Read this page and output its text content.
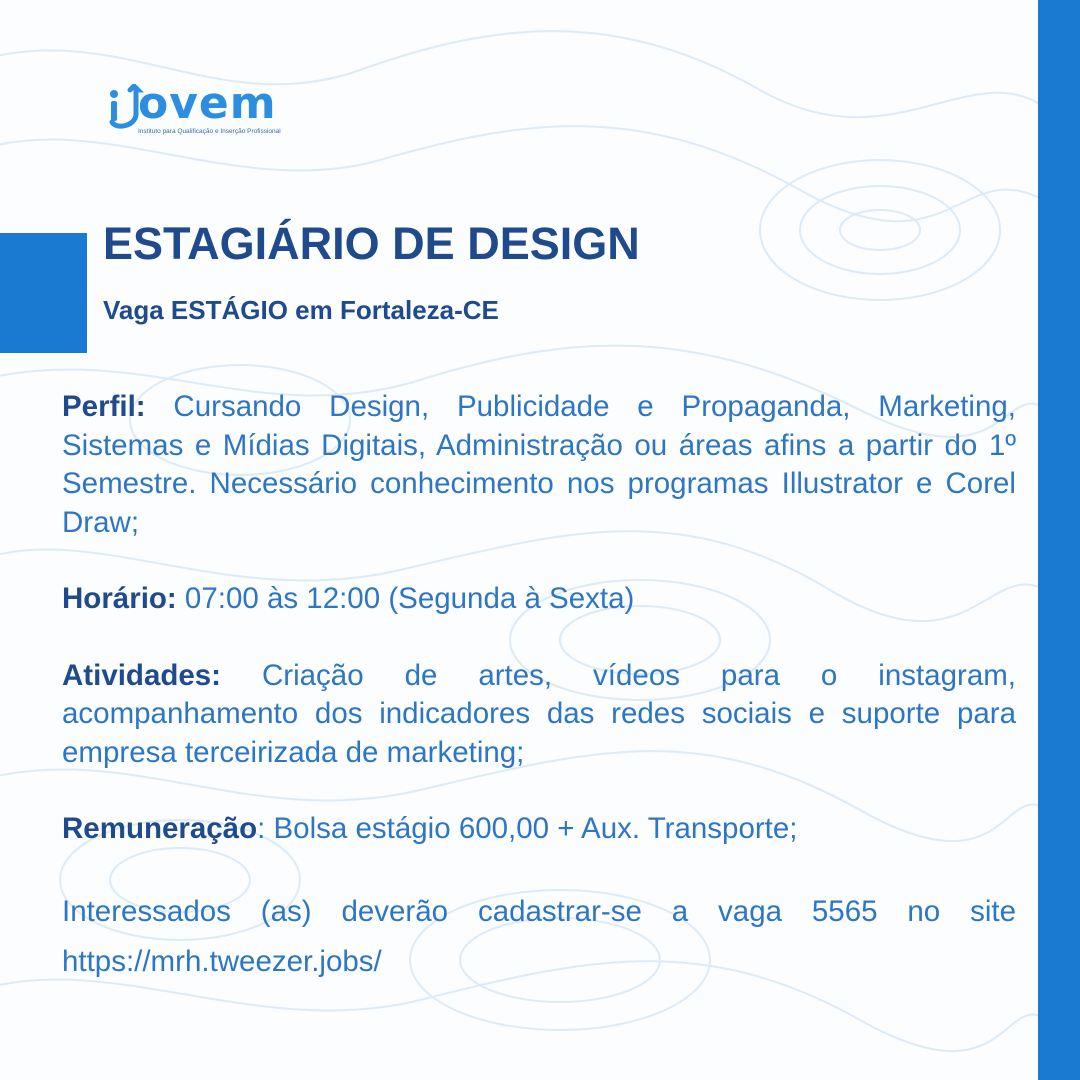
ovem
Instituto para Qualificação e Inserção Profissional
ESTAGIÁRIO DE DESIGN
Vaga ESTÁGIO em Fortaleza-CE

Perfil: Cursando Design, Publicidade e Propaganda, Marketing, Sistemas e Mídias Digitais, Administração ou áreas afins a partir do 1º Semestre. Necessário conhecimento nos programas Illustrator e Corel Draw;

Horário: 07:00 às 12:00 (Segunda à Sexta)

Atividades: Criação de artes, vídeos para o instagram, acompanhamento dos indicadores das redes sociais e suporte para empresa terceirizada de marketing;

Remuneração: Bolsa estágio 600,00 + Aux. Transporte;

Interessados (as) deverão cadastrar-se a vaga 5565 no site https://mrh.tweezer.jobs/
